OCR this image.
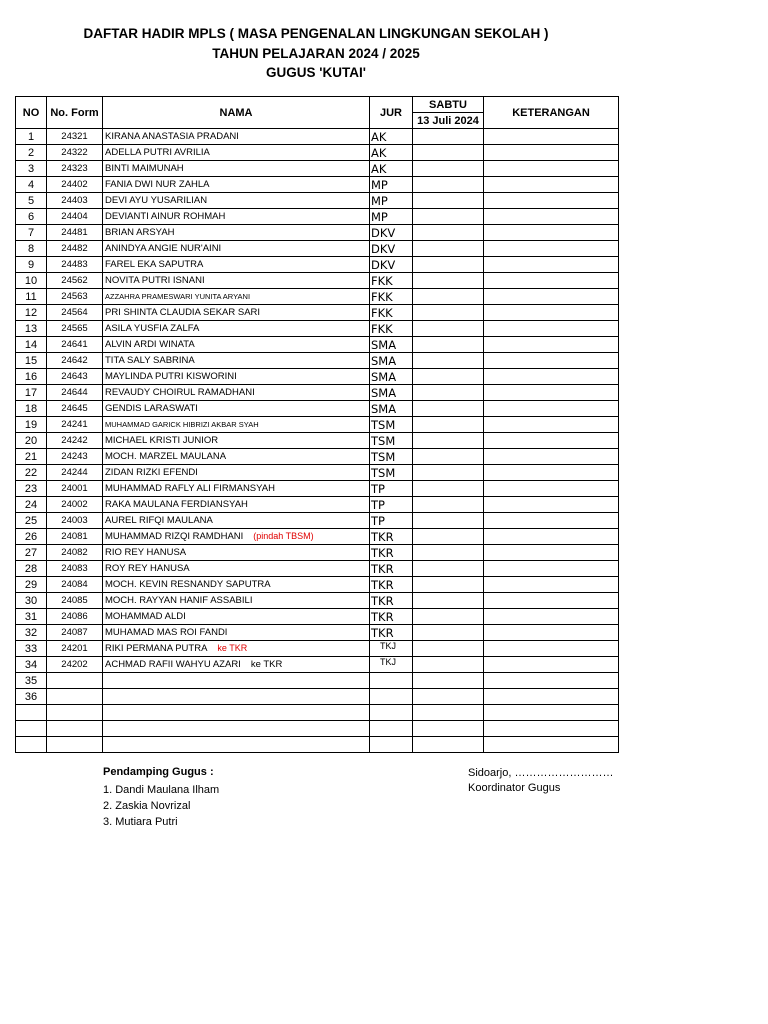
DAFTAR HADIR MPLS ( MASA PENGENALAN LINGKUNGAN SEKOLAH )
TAHUN PELAJARAN 2024 / 2025
GUGUS 'KUTAI'
NO	No. Form	NAMA	JUR	SABTU	KETERANGAN
				13 Juli 2024	
1	24321	KIRANA ANASTASIA PRADANI	AK		
2	24322	ADELLA PUTRI AVRILIA	AK		
3	24323	BINTI MAIMUNAH	AK		
4	24402	FANIA DWI NUR ZAHLA	MP		
5	24403	DEVI AYU YUSARILIAN	MP		
6	24404	DEVIANTI AINUR ROHMAH	MP		
7	24481	BRIAN ARSYAH	DKV		
8	24482	ANINDYA ANGIE NUR'AINI	DKV		
9	24483	FAREL EKA SAPUTRA	DKV		
10	24562	NOVITA PUTRI ISNANI	FKK		
11	24563	AZZAHRA PRAMESWARI YUNITA ARYANI	FKK		
12	24564	PRI SHINTA CLAUDIA SEKAR SARI	FKK		
13	24565	ASILA YUSFIA ZALFA	FKK		
14	24641	ALVIN ARDI WINATA	SMA		
15	24642	TITA SALY SABRINA	SMA		
16	24643	MAYLINDA PUTRI KISWORINI	SMA		
17	24644	REVAUDY CHOIRUL RAMADHANI	SMA		
18	24645	GENDIS LARASWATI	SMA		
19	24241	MUHAMMAD GARICK HIBRIZI AKBAR SYAH	TSM		
20	24242	MICHAEL KRISTI JUNIOR	TSM		
21	24243	MOCH. MARZEL MAULANA	TSM		
22	24244	ZIDAN RIZKI EFENDI	TSM		
23	24001	MUHAMMAD RAFLY ALI FIRMANSYAH	TP		
24	24002	RAKA MAULANA FERDIANSYAH	TP		
25	24003	AUREL RIFQI MAULANA	TP		
26	24081	MUHAMMAD RIZQI RAMDHANI (pindah TBSM)	TKR		
27	24082	RIO REY HANUSA	TKR		
28	24083	ROY REY HANUSA	TKR		
29	24084	MOCH. KEVIN RESNANDY SAPUTRA	TKR		
30	24085	MOCH. RAYYAN HANIF ASSABILI	TKR		
31	24086	MOHAMMAD ALDI	TKR		
32	24087	MUHAMAD MAS ROI FANDI	TKR		
33	24201	RIKI PERMANA PUTRA ke TKR	TKJ		
34	24202	ACHMAD RAFII WAHYU AZARI ke TKR	TKJ		
35					
36					

Pendamping Gugus :
1. Dandi Maulana Ilham
2. Zaskia Novrizal
3. Mutiara Putri
Sidoarjo, ………………………
Koordinator Gugus
